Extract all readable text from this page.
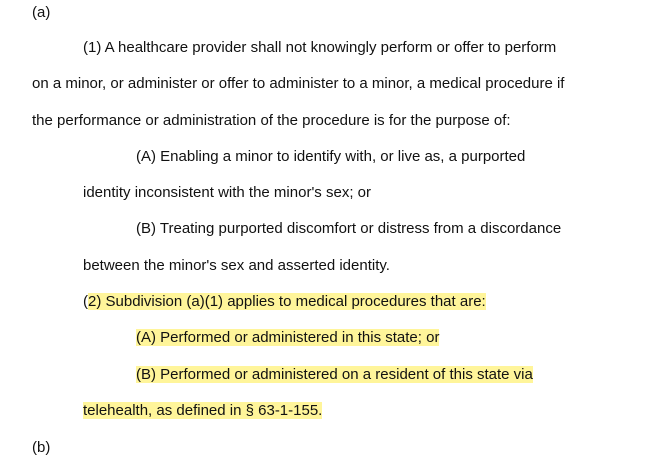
(a)
(1) A healthcare provider shall not knowingly perform or offer to perform
on a minor, or administer or offer to administer to a minor, a medical procedure if
the performance or administration of the procedure is for the purpose of:
(A) Enabling a minor to identify with, or live as, a purported
identity inconsistent with the minor's sex; or
(B) Treating purported discomfort or distress from a discordance
between the minor's sex and asserted identity.
(2) Subdivision (a)(1) applies to medical procedures that are:
(A) Performed or administered in this state; or
(B) Performed or administered on a resident of this state via
telehealth, as defined in § 63-1-155.
(b)
